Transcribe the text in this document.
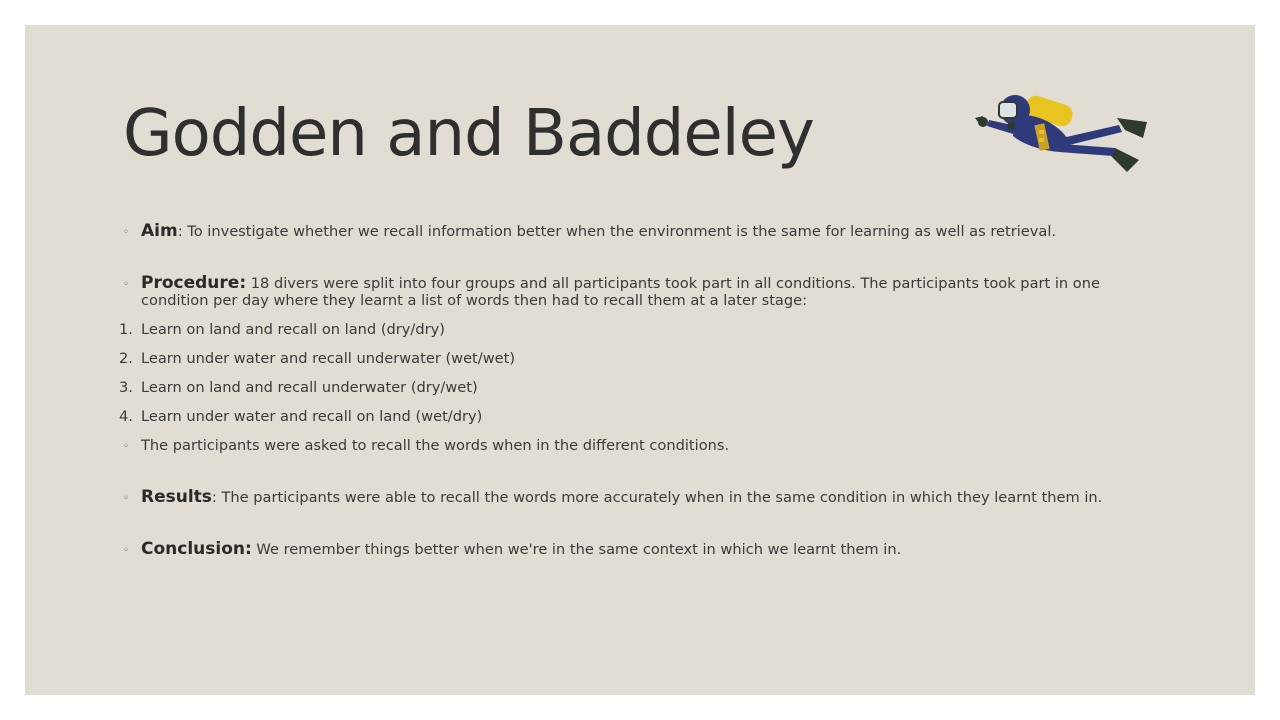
Godden and Baddeley

◦ Aim: To investigate whether we recall information better when the environment is the same for learning as well as retrieval.

◦ Procedure: 18 divers were split into four groups and all participants took part in all conditions. The participants took part in one condition per day where they learnt a list of words then had to recall them at a later stage:

1. Learn on land and recall on land (dry/dry)

2. Learn under water and recall underwater (wet/wet)

3. Learn on land and recall underwater (dry/wet)

4. Learn under water and recall on land (wet/dry)

◦ The participants were asked to recall the words when in the different conditions.

◦ Results: The participants were able to recall the words more accurately when in the same condition in which they learnt them in.

◦ Conclusion: We remember things better when we're in the same context in which we learnt them in.
